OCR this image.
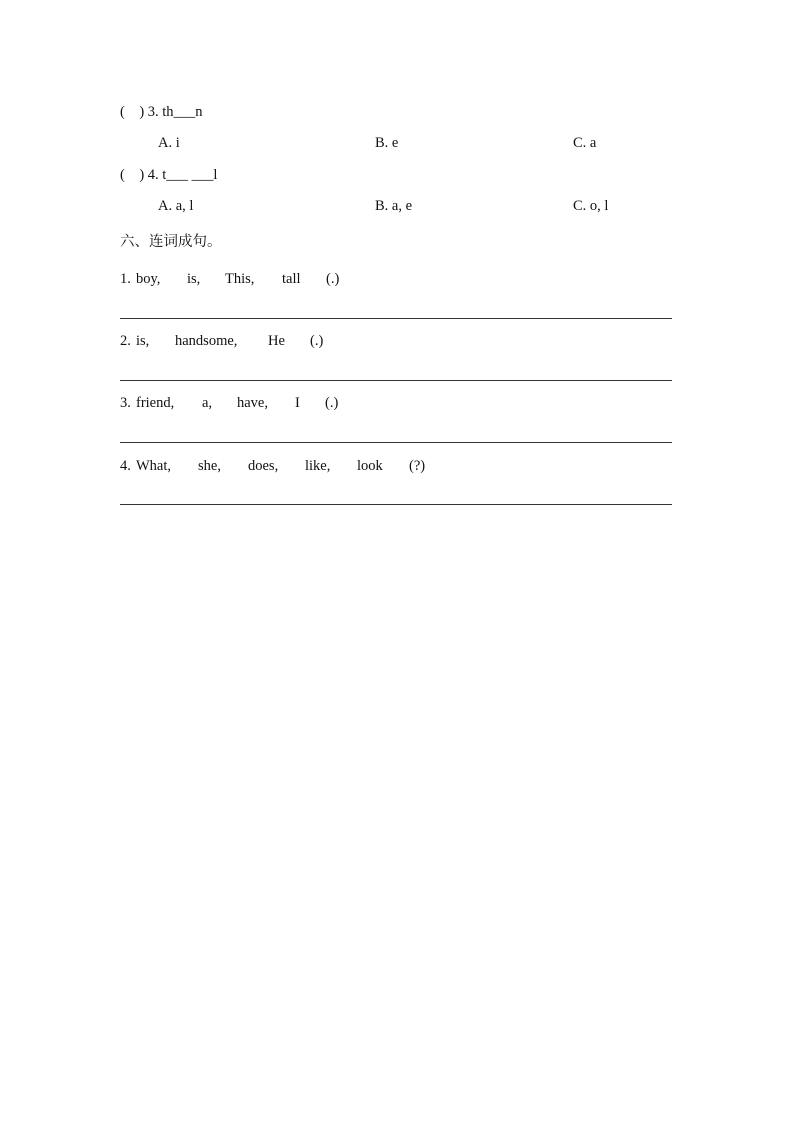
(    ) 3. th___n
A. i	B. e	C. a
(    ) 4. t___ ___l
A. a, l	B. a, e	C. o, l
六、连词成句。
1. boy, is, This, tall (.)
2. is, handsome, He (.)
3. friend, a, have, I (.)
4. What, she, does, like, look (?)
